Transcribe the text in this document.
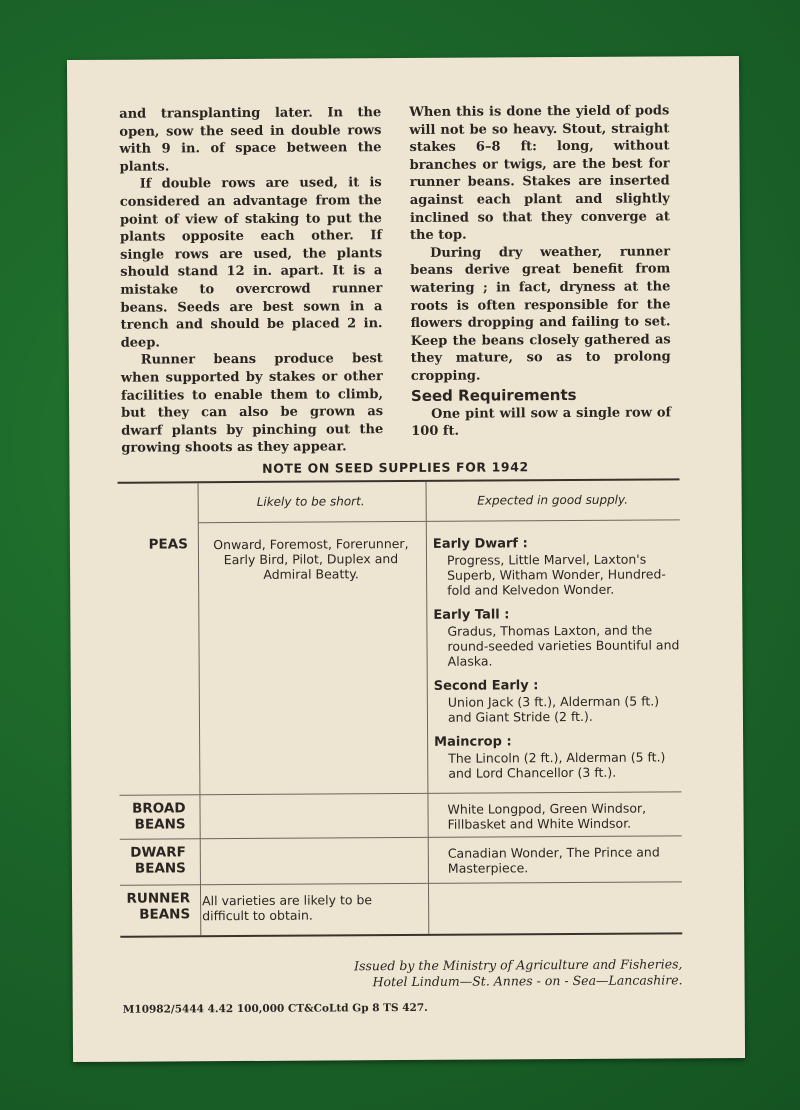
and transplanting later. In the open, sow the seed in double rows with 9 in. of space between the plants.

If double rows are used, it is considered an advantage from the point of view of staking to put the plants opposite each other. If single rows are used, the plants should stand 12 in. apart. It is a mistake to overcrowd runner beans. Seeds are best sown in a trench and should be placed 2 in. deep.

Runner beans produce best when supported by stakes or other facilities to enable them to climb, but they can also be grown as dwarf plants by pinching out the growing shoots as they appear.

When this is done the yield of pods will not be so heavy. Stout, straight stakes 6–8 ft: long, without branches or twigs, are the best for runner beans. Stakes are inserted against each plant and slightly inclined so that they converge at the top.

During dry weather, runner beans derive great benefit from watering ; in fact, dryness at the roots is often responsible for the flowers dropping and failing to set. Keep the beans closely gathered as they mature, so as to prolong cropping.

Seed Requirements

One pint will sow a single row of 100 ft.

NOTE ON SEED SUPPLIES FOR 1942
Likely to be short.	Expected in good supply.
PEAS	Onward, Foremost, Forerunner, Early Bird, Pilot, Duplex and Admiral Beatty.
Early Dwarf :
Progress, Little Marvel, Laxton's Superb, Witham Wonder, Hundred-fold and Kelvedon Wonder.
Early Tall :
Gradus, Thomas Laxton, and the round-seeded varieties Bountiful and Alaska.
Second Early :
Union Jack (3 ft.), Alderman (5 ft.) and Giant Stride (2 ft.).
Maincrop :
The Lincoln (2 ft.), Alderman (5 ft.) and Lord Chancellor (3 ft.).
BROAD
BEANS
White Longpod, Green Windsor, Fillbasket and White Windsor.
DWARF
BEANS
Canadian Wonder, The Prince and Masterpiece.
RUNNER
BEANS
All varieties are likely to be difficult to obtain.
Issued by the Ministry of Agriculture and Fisheries,
Hotel Lindum—St. Annes - on - Sea—Lancashire.
M10982/5444 4.42 100,000 CT&CoLtd Gp 8 TS 427.
